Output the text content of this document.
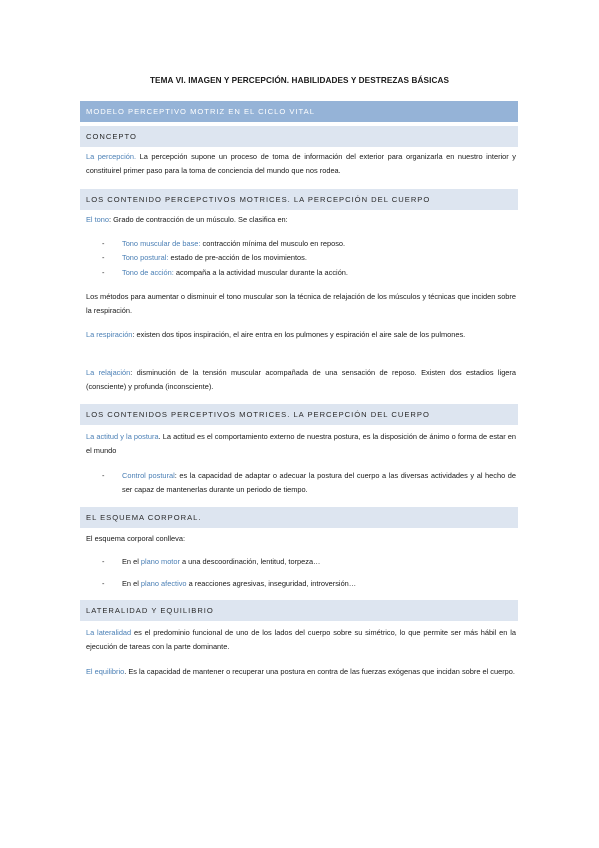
TEMA VI. IMAGEN Y PERCEPCIÓN. HABILIDADES Y DESTREZAS BÁSICAS
MODELO PERCEPTIVO MOTRIZ EN EL CICLO VITAL
CONCEPTO
La percepción. La percepción supone un proceso de toma de información del exterior para organizarla en nuestro interior y constituirel primer paso para la toma de conciencia del mundo que nos rodea.
LOS CONTENIDO PERCEPCTIVOS MOTRICES. LA PERCEPCIÓN DEL CUERPO
El tono: Grado de contracción de un músculo. Se clasifica en:
-	Tono muscular de base: contracción mínima del musculo en reposo.
-	Tono postural: estado de pre-acción de los movimientos.
-	Tono de acción: acompaña a la actividad muscular durante la acción.
Los métodos para aumentar o disminuir el tono muscular son la técnica de relajación de los músculos y técnicas que inciden sobre la respiración.
La respiración: existen dos tipos inspiración, el aire entra en los pulmones y espiración el aire sale de los pulmones.
La relajación: disminución de la tensión muscular acompañada de una sensación de reposo. Existen dos estadios ligera (consciente) y profunda (inconsciente).
LOS CONTENIDOS PERCEPTIVOS MOTRICES. LA PERCEPCIÓN DEL CUERPO
La actitud y la postura. La actitud es el comportamiento externo de nuestra postura, es la disposición de ánimo o forma de estar en el mundo
-	Control postural: es la capacidad de adaptar o adecuar la postura del cuerpo a las diversas actividades y al hecho de ser capaz de mantenerlas durante un periodo de tiempo.
EL ESQUEMA CORPORAL.
El esquema corporal conlleva:
-	En el plano motor a una descoordinación, lentitud, torpeza…
-	En el plano afectivo a reacciones agresivas, inseguridad, introversión…
LATERALIDAD Y EQUILIBRIO
La lateralidad es el predominio funcional de uno de los lados del cuerpo sobre su simétrico, lo que permite ser más hábil en la ejecución de tareas con la parte dominante.
El equilibrio. Es la capacidad de mantener o recuperar una postura en contra de las fuerzas exógenas que incidan sobre el cuerpo.
